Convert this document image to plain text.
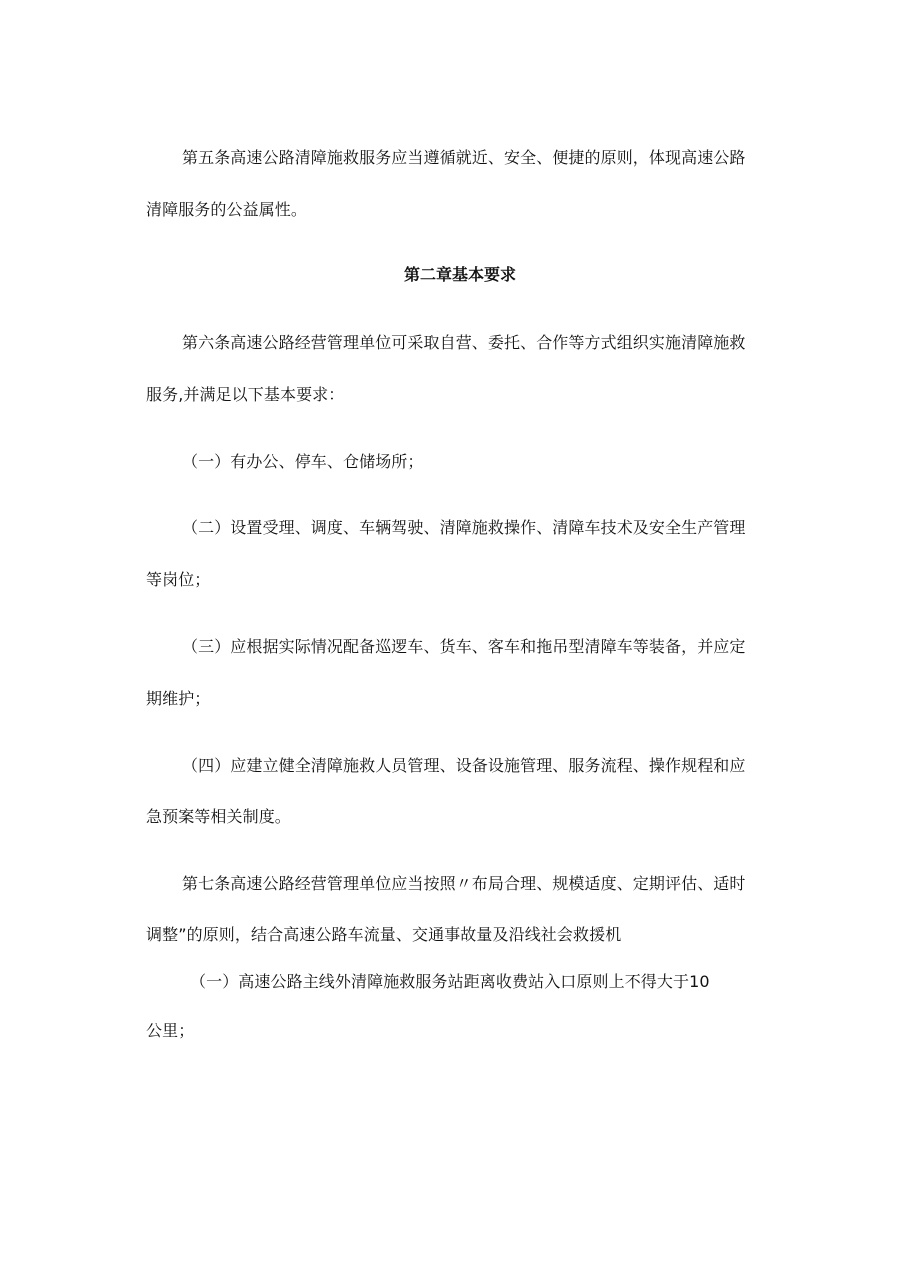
第五条高速公路清障施救服务应当遵循就近、安全、便捷的原则，体现高速公路
清障服务的公益属性。
第二章基本要求
第六条高速公路经营管理单位可采取自营、委托、合作等方式组织实施清障施救
服务,并满足以下基本要求：
（一）有办公、停车、仓储场所；
（二）设置受理、调度、车辆驾驶、清障施救操作、清障车技术及安全生产管理
等岗位；
（三）应根据实际情况配备巡逻车、货车、客车和拖吊型清障车等装备，并应定
期维护；
（四）应建立健全清障施救人员管理、设备设施管理、服务流程、操作规程和应
急预案等相关制度。
第七条高速公路经营管理单位应当按照〃布局合理、规模适度、定期评估、适时
调整”的原则，结合高速公路车流量、交通事故量及沿线社会救援机
（一）高速公路主线外清障施救服务站距离收费站入口原则上不得大于10
公里；
